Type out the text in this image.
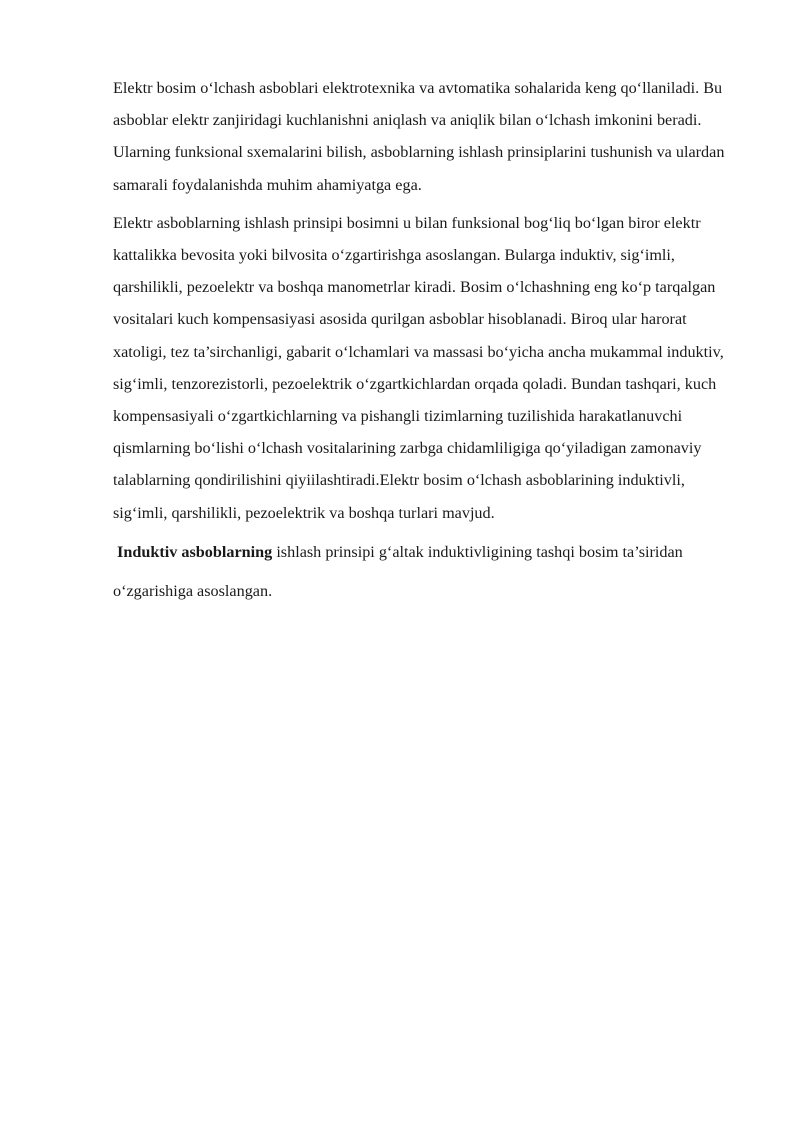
Elektr bosim o‘lchash asboblari elektrotexnika va avtomatika sohalarida keng qo‘llaniladi. Bu asboblar elektr zanjiridagi kuchlanishni aniqlash va aniqlik bilan o‘lchash imkonini beradi. Ularning funksional sxemalarini bilish, asboblarning ishlash prinsiplarini tushunish va ulardan samarali foydalanishda muhim ahamiyatga ega.

Elektr asboblarning ishlash prinsipi bosimni u bilan funksional bog‘liq bo‘lgan biror elektr kattalikka bevosita yoki bilvosita o‘zgartirishga asoslangan. Bularga induktiv, sig‘imli, qarshilikli, pezoelektr va boshqa manometrlar kiradi. Bosim o‘lchashning eng ko‘p tarqalgan vositalari kuch kompensasiyasi asosida qurilgan asboblar hisoblanadi. Biroq ular harorat xatoligi, tez ta’sirchanligi, gabarit o‘lchamlari va massasi bo‘yicha ancha mukammal induktiv, sig‘imli, tenzorezistorli, pezoelektrik o‘zgartkichlardan orqada qoladi. Bundan tashqari, kuch kompensasiyali o‘zgartkichlarning va pishangli tizimlarning tuzilishida harakatlanuvchi qismlarning bo‘lishi o‘lchash vositalarining zarbga chidamliligiga qo‘yiladigan zamonaviy talablarning qondirilishini qiyiilashtiradi.Elektr bosim o‘lchash asboblarining induktivli, sig‘imli, qarshilikli, pezoelektrik va boshqa turlari mavjud.

Induktiv asboblarning ishlash prinsipi g‘altak induktivligining tashqi bosim ta’siridan o‘zgarishiga asoslangan.
